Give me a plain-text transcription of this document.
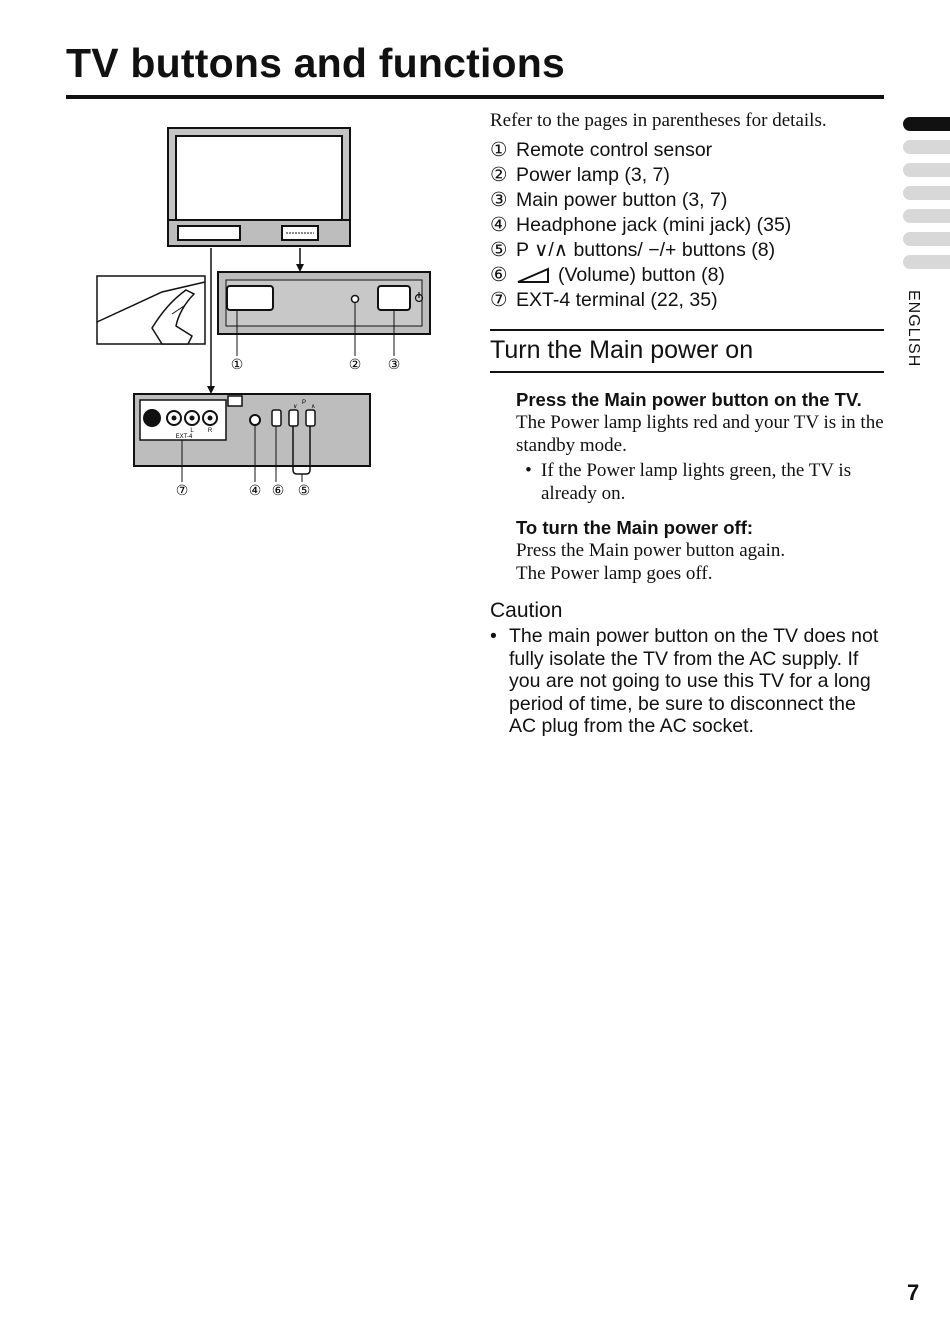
TV buttons and functions
①	② ③
L R
EXT-4
∨
P
∧
⑦	④ ⑥ ⑤

Refer to the pages in parentheses for details.

① Remote control sensor
② Power lamp (3, 7)
③ Main power button (3, 7)
④ Headphone jack (mini jack) (35)
⑤ P ∨/∧ buttons/ −/+ buttons (8)
⑥	(Volume) button (8)
⑦ EXT-4 terminal (22, 35)
Turn the Main power on

Press the Main power button on the TV.

The Power lamp lights red and your TV is in the standby mode.

• If the Power lamp lights green, the TV is already on.

To turn the Main power off:

Press the Main power button again.

The Power lamp goes off.

Caution
• The main power button on the TV does not fully isolate the TV from the AC supply. If you are not going to use this TV for a long period of time, be sure to disconnect the AC plug from the AC socket.
ENGLISH
7
